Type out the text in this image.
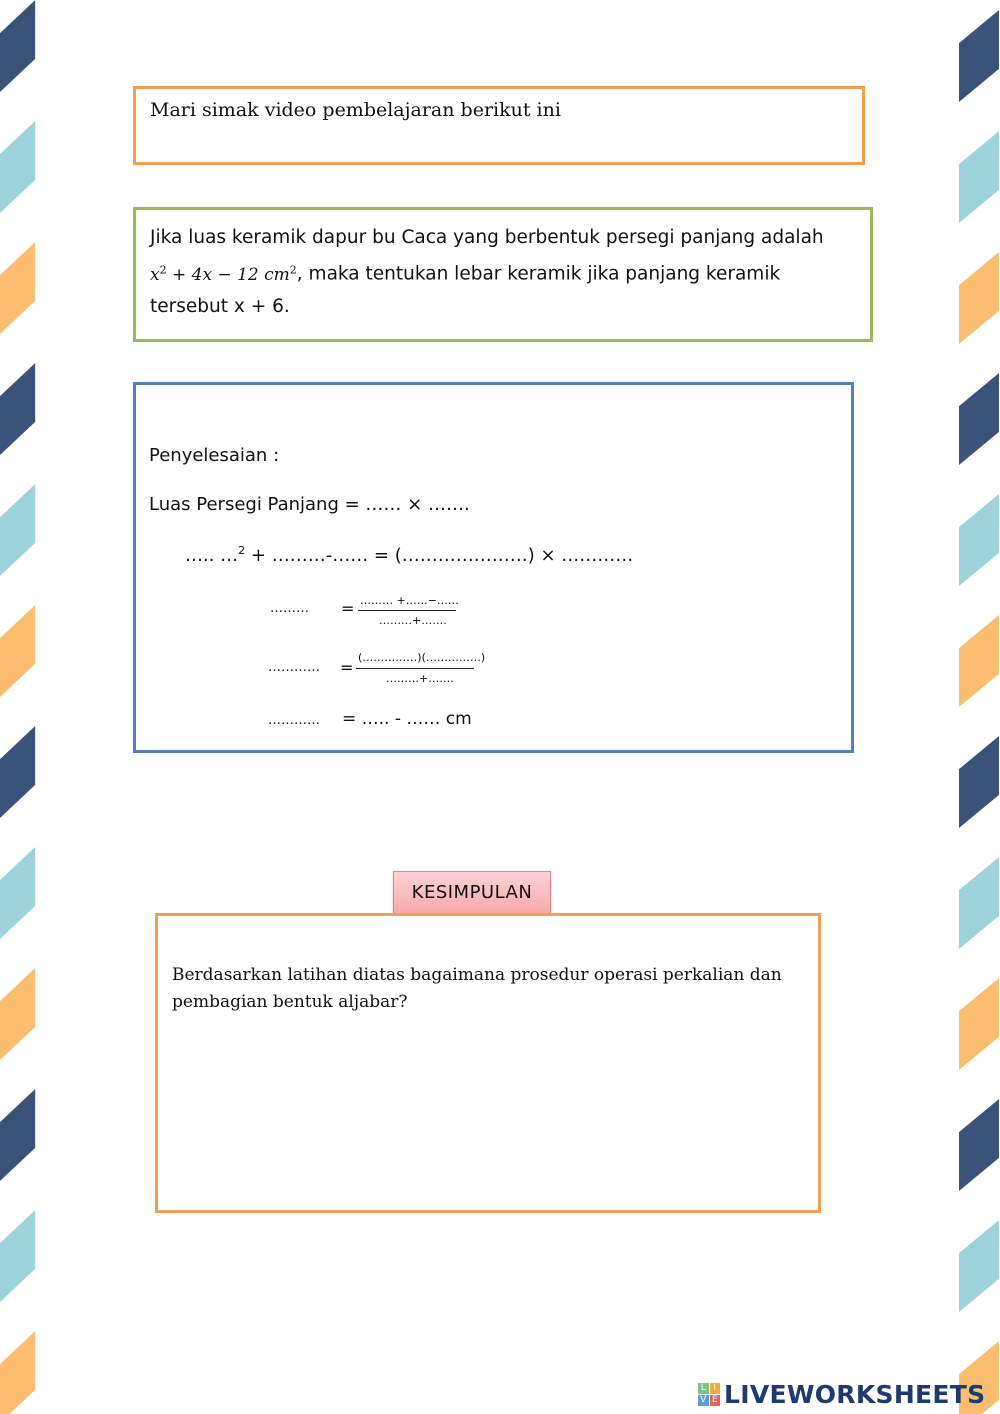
Mari simak video pembelajaran berikut ini
Jika luas keramik dapur bu Caca yang berbentuk persegi panjang adalah
$x^2 + 4x - 12$ $cm^2$, maka tentukan lebar keramik jika panjang keramik
tersebut x + 6.
Penyelesaian :
Luas Persegi Panjang = …… × …….
….. …$^2$ + ………-…… = (…………………) × …………
……… = ……… +……−……
………+…….
………… =
(……………)(……………)
………+…….
………… = ….. - …… cm
KESIMPULAN
Berdasarkan latihan diatas bagaimana prosedur operasi perkalian dan pembagian bentuk aljabar?
L I
V E LIVEWORKSHEETS
